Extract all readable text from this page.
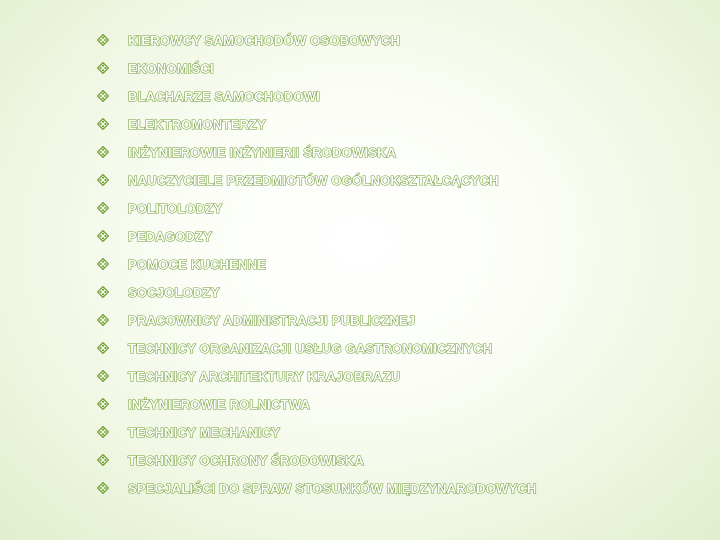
KIEROWCY SAMOCHODÓW OSOBOWYCH
EKONOMIŚCI
BLACHARZE SAMOCHODOWI
ELEKTROMONTERZY
INŻYNIEROWIE INŻYNIERII ŚRODOWISKA
NAUCZYCIELE PRZEDMIOTÓW OGÓLNOKSZTAŁCĄCYCH
POLITOLODZY
PEDAGODZY
POMOCE KUCHENNE
SOCJOLODZY
PRACOWNICY ADMINISTRACJI PUBLICZNEJ
TECHNICY ORGANIZACJI USŁUG GASTRONOMICZNYCH
TECHNICY ARCHITEKTURY KRAJOBRAZU
INŻYNIEROWIE ROLNICTWA
TECHNICY MECHANICY
TECHNICY OCHRONY ŚRODOWISKA
SPECJALIŚCI DO SPRAW STOSUNKÓW MIĘDZYNARODOWYCH
